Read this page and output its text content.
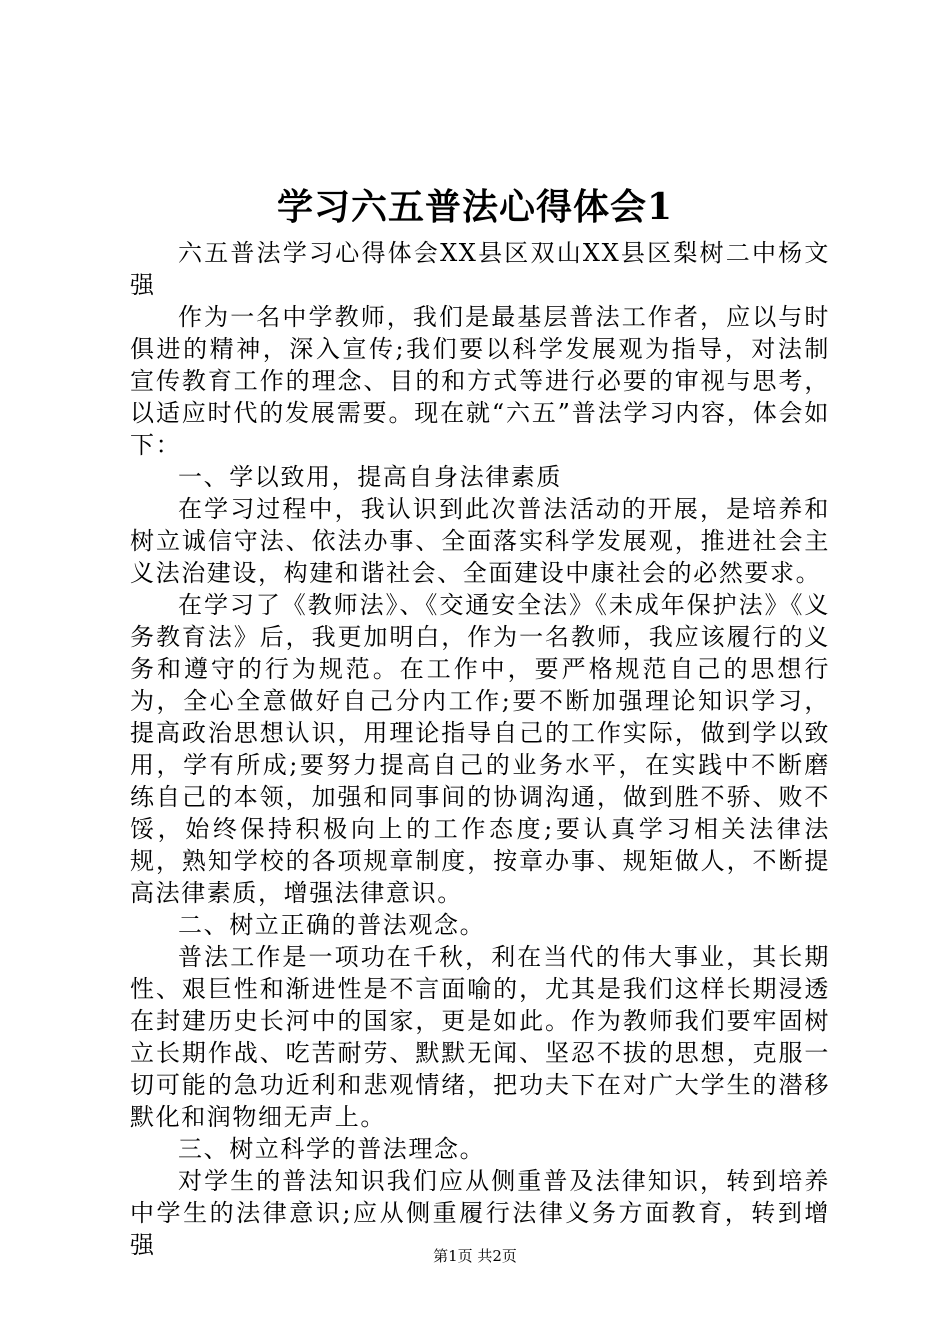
学习六五普法心得体会1

六五普法学习心得体会XX县区双山XX县区梨树二中杨文强

作为一名中学教师，我们是最基层普法工作者，应以与时俱进的精神，深入宣传;我们要以科学发展观为指导，对法制宣传教育工作的理念、目的和方式等进行必要的审视与思考，以适应时代的发展需要。现在就“六五”普法学习内容，体会如下：

一、学以致用，提高自身法律素质

在学习过程中，我认识到此次普法活动的开展，是培养和树立诚信守法、依法办事、全面落实科学发展观，推进社会主义法治建设，构建和谐社会、全面建设中康社会的必然要求。

在学习了《教师法》、《交通安全法》《未成年保护法》《义务教育法》后，我更加明白，作为一名教师，我应该履行的义务和遵守的行为规范。在工作中，要严格规范自己的思想行为，全心全意做好自己分内工作;要不断加强理论知识学习，提高政治思想认识，用理论指导自己的工作实际，做到学以致用，学有所成;要努力提高自己的业务水平，在实践中不断磨练自己的本领，加强和同事间的协调沟通，做到胜不骄、败不馁，始终保持积极向上的工作态度;要认真学习相关法律法规，熟知学校的各项规章制度，按章办事、规矩做人，不断提高法律素质，增强法律意识。

二、树立正确的普法观念。

普法工作是一项功在千秋，利在当代的伟大事业，其长期性、艰巨性和渐进性是不言面喻的，尤其是我们这样长期浸透在封建历史长河中的国家，更是如此。作为教师我们要牢固树立长期作战、吃苦耐劳、默默无闻、坚忍不拔的思想，克服一切可能的急功近利和悲观情绪，把功夫下在对广大学生的潜移默化和润物细无声上。

三、树立科学的普法理念。

对学生的普法知识我们应从侧重普及法律知识，转到培养中学生的法律意识;应从侧重履行法律义务方面教育，转到增强	第1页 共2页
